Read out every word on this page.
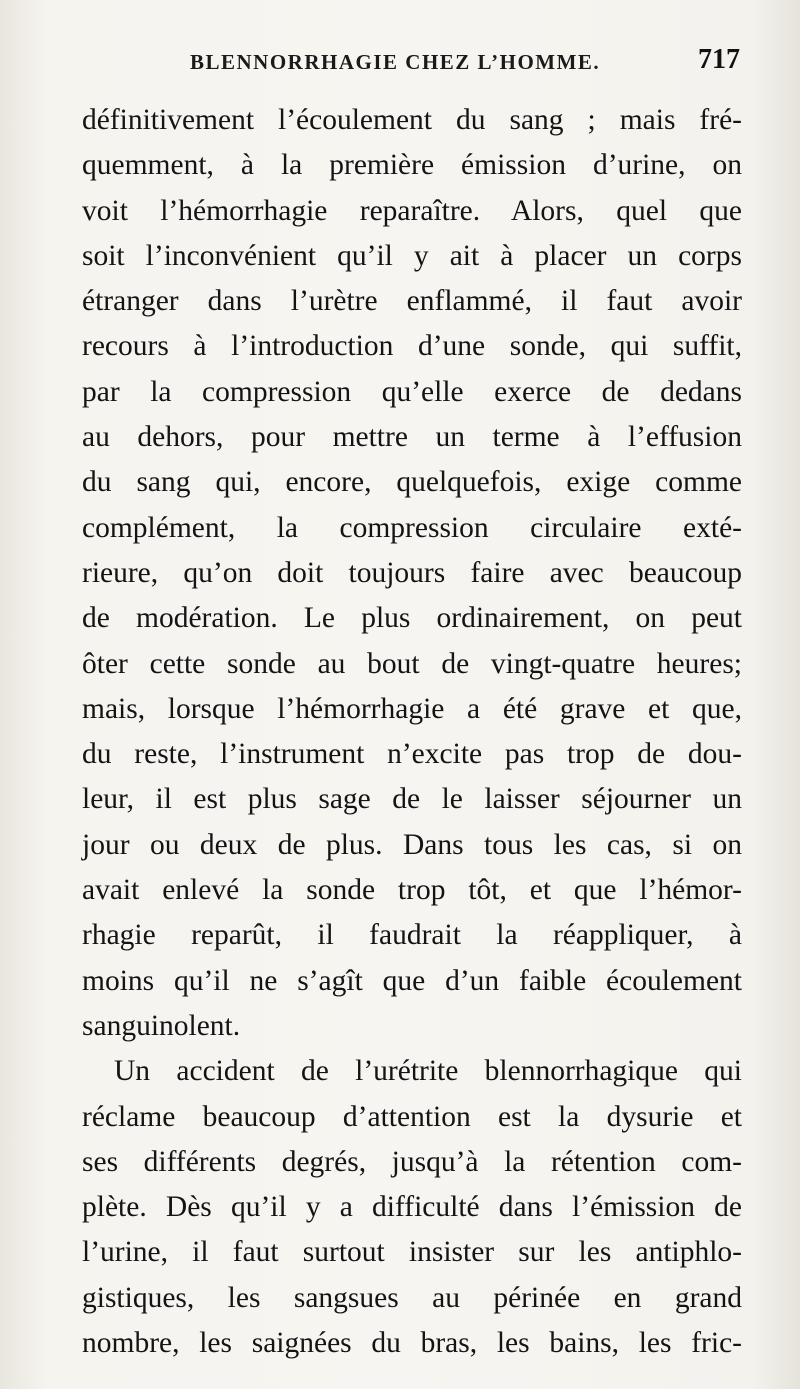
BLENNORRHAGIE CHEZ L’HOMME.	717
définitivement l’écoulement du sang ; mais fré-
quemment, à la première émission d’urine, on
voit l’hémorrhagie reparaître. Alors, quel que
soit l’inconvénient qu’il y ait à placer un corps
étranger dans l’urètre enflammé, il faut avoir
recours à l’introduction d’une sonde, qui suffit,
par la compression qu’elle exerce de dedans
au dehors, pour mettre un terme à l’effusion
du sang qui, encore, quelquefois, exige comme
complément, la compression circulaire exté-
rieure, qu’on doit toujours faire avec beaucoup
de modération. Le plus ordinairement, on peut
ôter cette sonde au bout de vingt-quatre heures;
mais, lorsque l’hémorrhagie a été grave et que,
du reste, l’instrument n’excite pas trop de dou-
leur, il est plus sage de le laisser séjourner un
jour ou deux de plus. Dans tous les cas, si on
avait enlevé la sonde trop tôt, et que l’hémor-
rhagie reparût, il faudrait la réappliquer, à
moins qu’il ne s’agît que d’un faible écoulement
sanguinolent.
Un accident de l’urétrite blennorrhagique qui
réclame beaucoup d’attention est la dysurie et
ses différents degrés, jusqu’à la rétention com-
plète. Dès qu’il y a difficulté dans l’émission de
l’urine, il faut surtout insister sur les antiphlo-
gistiques, les sangsues au périnée en grand
nombre, les saignées du bras, les bains, les fric-
